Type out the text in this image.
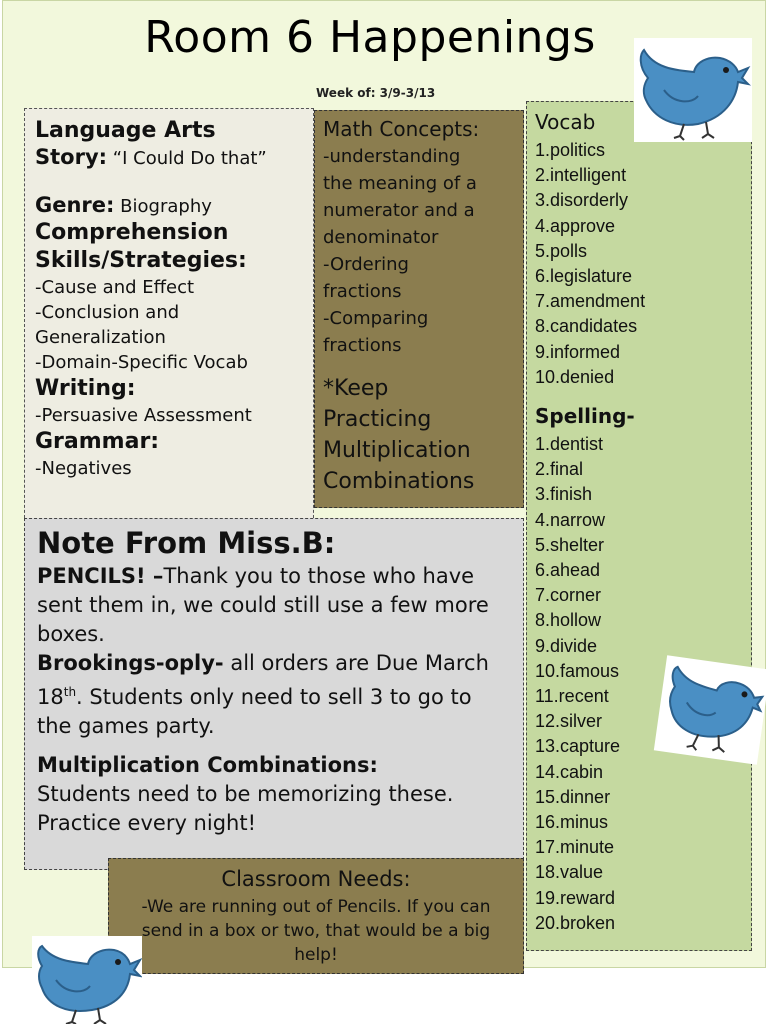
Room 6 Happenings
Week of: 3/9-3/13

Language Arts

Story: “I Could Do that”

Genre: Biography

Comprehension

Skills/Strategies:

-Cause and Effect
-Conclusion and
Generalization
-Domain-Specific Vocab

Writing:

-Persuasive Assessment

Grammar:

-Negatives

Math Concepts:

-understanding
the meaning of a
numerator and a
denominator
-Ordering
fractions
-Comparing
fractions
*Keep
Practicing
Multiplication
Combinations

Vocab

1.politics
2.intelligent
3.disorderly
4.approve
5.polls
6.legislature
7.amendment
8.candidates
9.informed
10.denied

Spelling-

1.dentist
2.final
3.finish
4.narrow
5.shelter
6.ahead
7.corner
8.hollow
9.divide
10.famous
11.recent
12.silver
13.capture
14.cabin
15.dinner
16.minus
17.minute
18.value
19.reward
20.broken

Note From Miss.B:

PENCILS! –Thank you to those who have sent them in, we could still use a few more boxes.

Brookings-oply- all orders are Due March 18th. Students only need to sell 3 to go to the games party.

Multiplication Combinations:
Students need to be memorizing these. Practice every night!

Classroom Needs:

-We are running out of Pencils. If you can send in a box or two, that would be a big help!
